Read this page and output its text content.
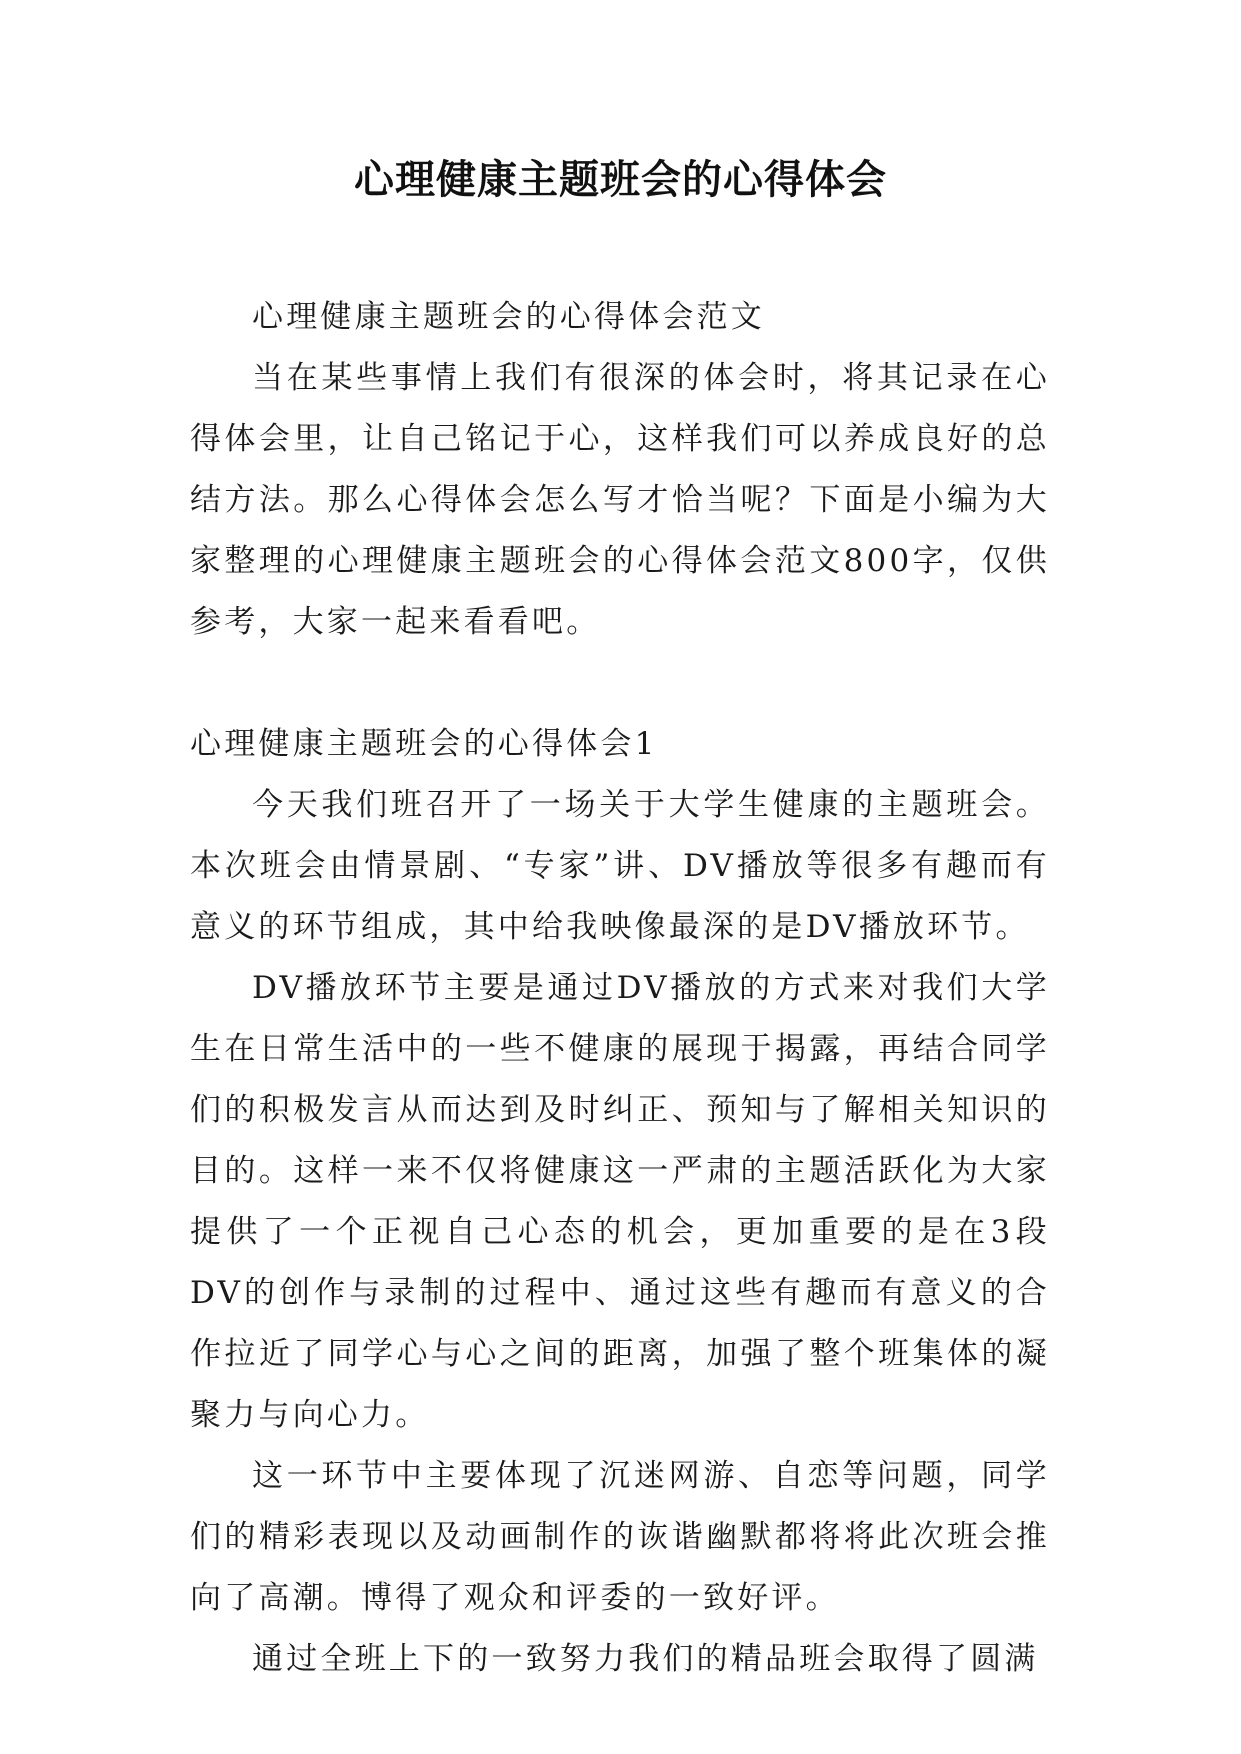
心理健康主题班会的心得体会

心理健康主题班会的心得体会范文

当在某些事情上我们有很深的体会时，将其记录在心得体会里，让自己铭记于心，这样我们可以养成良好的总结方法。那么心得体会怎么写才恰当呢？下面是小编为大家整理的心理健康主题班会的心得体会范文800字，仅供参考，大家一起来看看吧。

心理健康主题班会的心得体会1

今天我们班召开了一场关于大学生健康的主题班会。本次班会由情景剧、“专家”讲、DV播放等很多有趣而有意义的环节组成，其中给我映像最深的是DV播放环节。

DV播放环节主要是通过DV播放的方式来对我们大学生在日常生活中的一些不健康的展现于揭露，再结合同学们的积极发言从而达到及时纠正、预知与了解相关知识的目的。这样一来不仅将健康这一严肃的主题活跃化为大家提供了一个正视自己心态的机会，更加重要的是在3段DV的创作与录制的过程中、通过这些有趣而有意义的合作拉近了同学心与心之间的距离，加强了整个班集体的凝聚力与向心力。

这一环节中主要体现了沉迷网游、自恋等问题，同学们的精彩表现以及动画制作的诙谐幽默都将将此次班会推向了高潮。博得了观众和评委的一致好评。

通过全班上下的一致努力我们的精品班会取得了圆满
